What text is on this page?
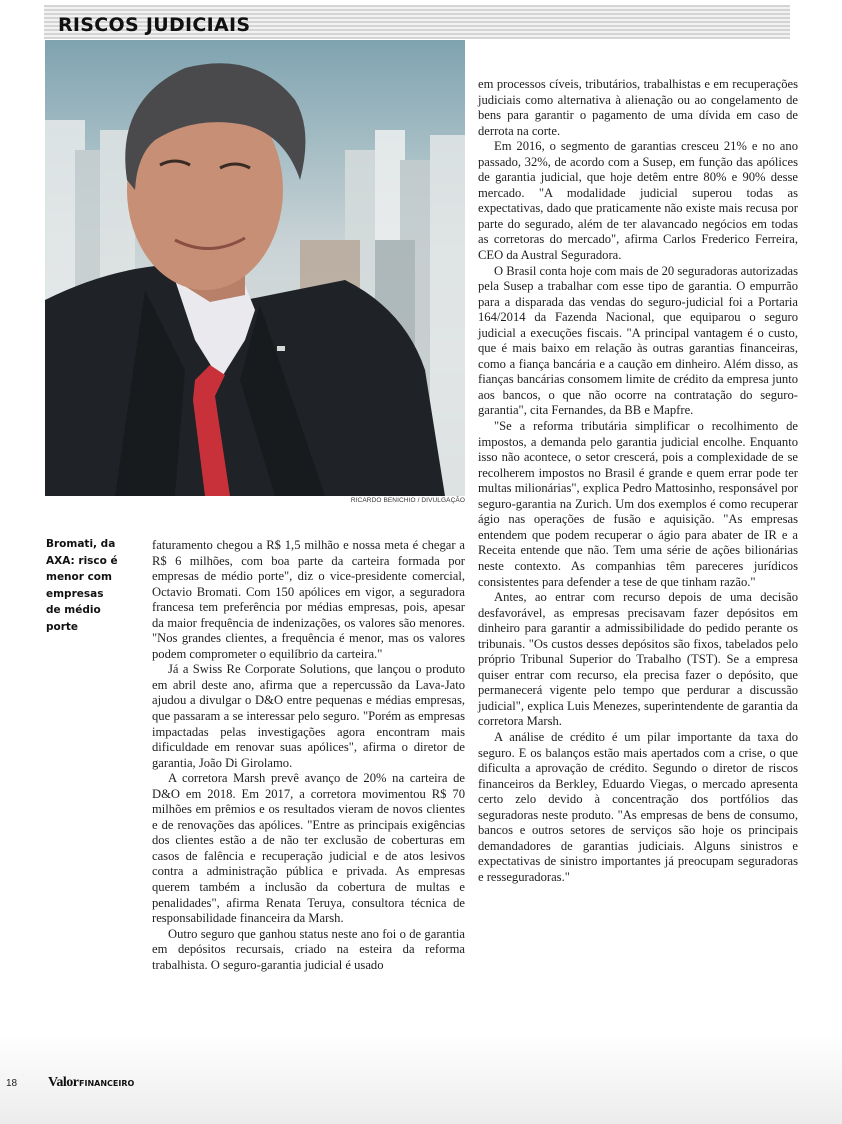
RISCOS JUDICIAIS
RICARDO BENICHIO / DIVULGAÇÃO
Bromati, da AXA: risco é menor com empresas de médio porte

faturamento chegou a R$ 1,5 milhão e nossa meta é chegar a R$ 6 milhões, com boa parte da carteira formada por empresas de médio porte", diz o vice-presidente comercial, Octavio Bromati. Com 150 apólices em vigor, a seguradora francesa tem preferência por médias empresas, pois, apesar da maior frequência de indenizações, os valores são menores. "Nos grandes clientes, a frequência é menor, mas os valores podem comprometer o equilíbrio da carteira."

Já a Swiss Re Corporate Solutions, que lançou o produto em abril deste ano, afirma que a repercussão da Lava-Jato ajudou a divulgar o D&O entre pequenas e médias empresas, que passaram a se interessar pelo seguro. "Porém as empresas impactadas pelas investigações agora encontram mais dificuldade em renovar suas apólices", afirma o diretor de garantia, João Di Girolamo.

A corretora Marsh prevê avanço de 20% na carteira de D&O em 2018. Em 2017, a corretora movimentou R$ 70 milhões em prêmios e os resultados vieram de novos clientes e de renovações das apólices. "Entre as principais exigências dos clientes estão a de não ter exclusão de coberturas em casos de falência e recuperação judicial e de atos lesivos contra a administração pública e privada. As empresas querem também a inclusão da cobertura de multas e penalidades", afirma Renata Teruya, consultora técnica de responsabilidade financeira da Marsh.

Outro seguro que ganhou status neste ano foi o de garantia em depósitos recursais, criado na esteira da reforma trabalhista. O seguro-garantia judicial é usado

em processos cíveis, tributários, trabalhistas e em recuperações judiciais como alternativa à alienação ou ao congelamento de bens para garantir o pagamento de uma dívida em caso de derrota na corte.

Em 2016, o segmento de garantias cresceu 21% e no ano passado, 32%, de acordo com a Susep, em função das apólices de garantia judicial, que hoje detêm entre 80% e 90% desse mercado. "A modalidade judicial superou todas as expectativas, dado que praticamente não existe mais recusa por parte do segurado, além de ter alavancado negócios em todas as corretoras do mercado", afirma Carlos Frederico Ferreira, CEO da Austral Seguradora.

O Brasil conta hoje com mais de 20 seguradoras autorizadas pela Susep a trabalhar com esse tipo de garantia. O empurrão para a disparada das vendas do seguro-judicial foi a Portaria 164/2014 da Fazenda Nacional, que equiparou o seguro judicial a execuções fiscais. "A principal vantagem é o custo, que é mais baixo em relação às outras garantias financeiras, como a fiança bancária e a caução em dinheiro. Além disso, as fianças bancárias consomem limite de crédito da empresa junto aos bancos, o que não ocorre na contratação do seguro-garantia", cita Fernandes, da BB e Mapfre.

"Se a reforma tributária simplificar o recolhimento de impostos, a demanda pelo garantia judicial encolhe. Enquanto isso não acontece, o setor crescerá, pois a complexidade de se recolherem impostos no Brasil é grande e quem errar pode ter multas milionárias", explica Pedro Mattosinho, responsável por seguro-garantia na Zurich. Um dos exemplos é como recuperar ágio nas operações de fusão e aquisição. "As empresas entendem que podem recuperar o ágio para abater de IR e a Receita entende que não. Tem uma série de ações bilionárias neste contexto. As companhias têm pareceres jurídicos consistentes para defender a tese de que tinham razão."

Antes, ao entrar com recurso depois de uma decisão desfavorável, as empresas precisavam fazer depósitos em dinheiro para garantir a admissibilidade do pedido perante os tribunais. "Os custos desses depósitos são fixos, tabelados pelo próprio Tribunal Superior do Trabalho (TST). Se a empresa quiser entrar com recurso, ela precisa fazer o depósito, que permanecerá vigente pelo tempo que perdurar a discussão judicial", explica Luis Menezes, superintendente de garantia da corretora Marsh.

A análise de crédito é um pilar importante da taxa do seguro. E os balanços estão mais apertados com a crise, o que dificulta a aprovação de crédito. Segundo o diretor de riscos financeiros da Berkley, Eduardo Viegas, o mercado apresenta certo zelo devido à concentração dos portfólios das seguradoras neste produto. "As empresas de bens de consumo, bancos e outros setores de serviços são hoje os principais demandadores de garantias judiciais. Alguns sinistros e expectativas de sinistro importantes já preocupam seguradoras e resseguradoras."

18 Valor FINANCEIRO
